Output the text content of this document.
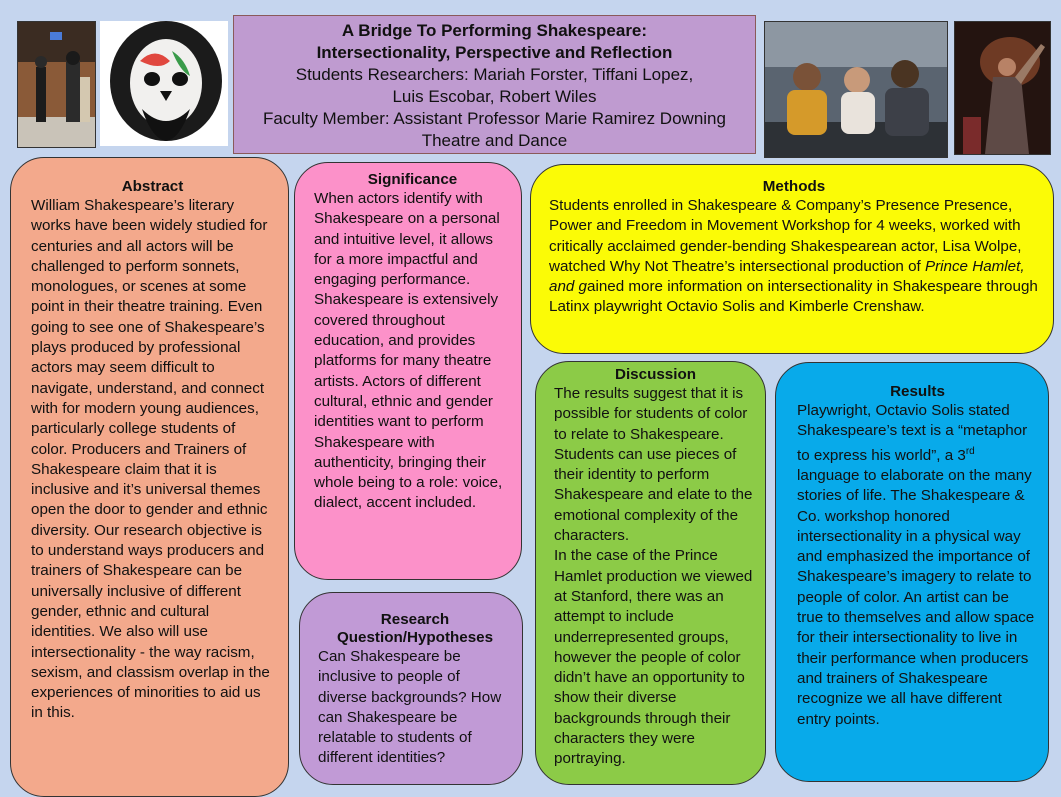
A Bridge To Performing Shakespeare:
Intersectionality, Perspective and Reflection
Students Researchers: Mariah Forster, Tiffani Lopez,
Luis Escobar, Robert Wiles
Faculty Member: Assistant Professor Marie Ramirez Downing
Theatre and Dance
Abstract

William Shakespeare’s literary works have been widely studied for centuries and all actors will be challenged to perform sonnets, monologues, or scenes at some point in their theatre training. Even going to see one of Shakespeare’s plays produced by professional actors may seem difficult to navigate, understand, and connect with for modern young audiences, particularly college students of color. Producers and Trainers of Shakespeare claim that it is inclusive and it’s universal themes open the door to gender and ethnic diversity. Our research objective is to understand ways producers and trainers of Shakespeare can be universally inclusive of different gender, ethnic and cultural identities. We also will use intersectionality - the way racism, sexism, and classism overlap in the experiences of minorities to aid us in this.

Significance

When actors identify with Shakespeare on a personal and intuitive level, it allows for a more impactful and engaging performance. Shakespeare is extensively covered throughout education, and provides platforms for many theatre artists. Actors of different cultural, ethnic and gender identities want to perform Shakespeare with authenticity, bringing their whole being to a role: voice, dialect, accent included.

Research
Question/Hypotheses

Can Shakespeare be inclusive to people of diverse backgrounds? How can Shakespeare be relatable to students of different identities?

Methods

Students enrolled in Shakespeare & Company’s Presence Presence, Power and Freedom in Movement Workshop for 4 weeks, worked with critically acclaimed gender-bending Shakespearean actor, Lisa Wolpe, watched Why Not Theatre’s intersectional production of Prince Hamlet, and gained more information on intersectionality in Shakespeare through Latinx playwright Octavio Solis and Kimberle Crenshaw.

Discussion

The results suggest that it is possible for students of color to relate to Shakespeare. Students can use pieces of their identity to perform Shakespeare and elate to the emotional complexity of the characters.

In the case of the Prince Hamlet production we viewed at Stanford, there was an attempt to include underrepresented groups, however the people of color didn’t have an opportunity to show their diverse backgrounds through their characters they were portraying.

Results

Playwright, Octavio Solis stated Shakespeare’s text is a “metaphor to express his world”, a 3rd language to elaborate on the many stories of life. The Shakespeare & Co. workshop honored intersectionality in a physical way and emphasized the importance of Shakespeare’s imagery to relate to people of color. An artist can be true to themselves and allow space for their intersectionality to live in their performance when producers and trainers of Shakespeare recognize we all have different entry points.
